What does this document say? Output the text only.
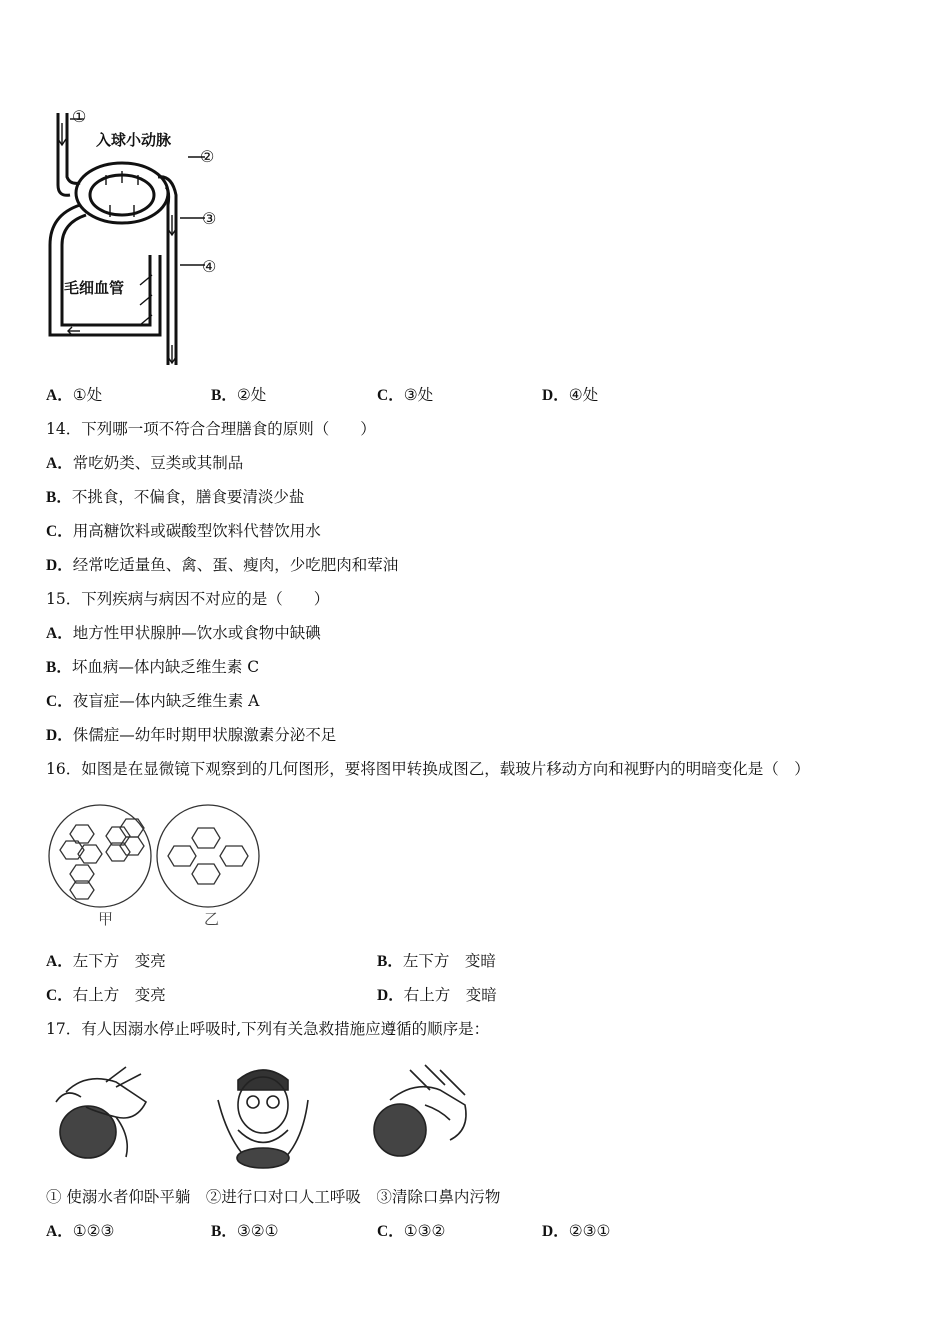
①
入球小动脉
②
③
④
毛细血管
A．①处	B．②处	C．③处	D．④处
14．下列哪一项不符合合理膳食的原则（　　）
A．常吃奶类、豆类或其制品
B．不挑食，不偏食，膳食要清淡少盐
C．用高糖饮料或碳酸型饮料代替饮用水
D．经常吃适量鱼、禽、蛋、瘦肉，少吃肥肉和荤油
15．下列疾病与病因不对应的是（　　）
A．地方性甲状腺肿—饮水或食物中缺碘
B．坏血病—体内缺乏维生素 C
C．夜盲症—体内缺乏维生素 A
D．侏儒症—幼年时期甲状腺激素分泌不足
16．如图是在显微镜下观察到的几何图形，要将图甲转换成图乙，载玻片移动方向和视野内的明暗变化是（　）
甲	乙
A．左下方　变亮	B．左下方　变暗
C．右上方　变亮	D．右上方　变暗
17．有人因溺水停止呼吸时,下列有关急救措施应遵循的顺序是：
① 使溺水者仰卧平躺　②进行口对口人工呼吸　③清除口鼻内污物
A．①②③	B．③②①	C．①③②	D．②③①
